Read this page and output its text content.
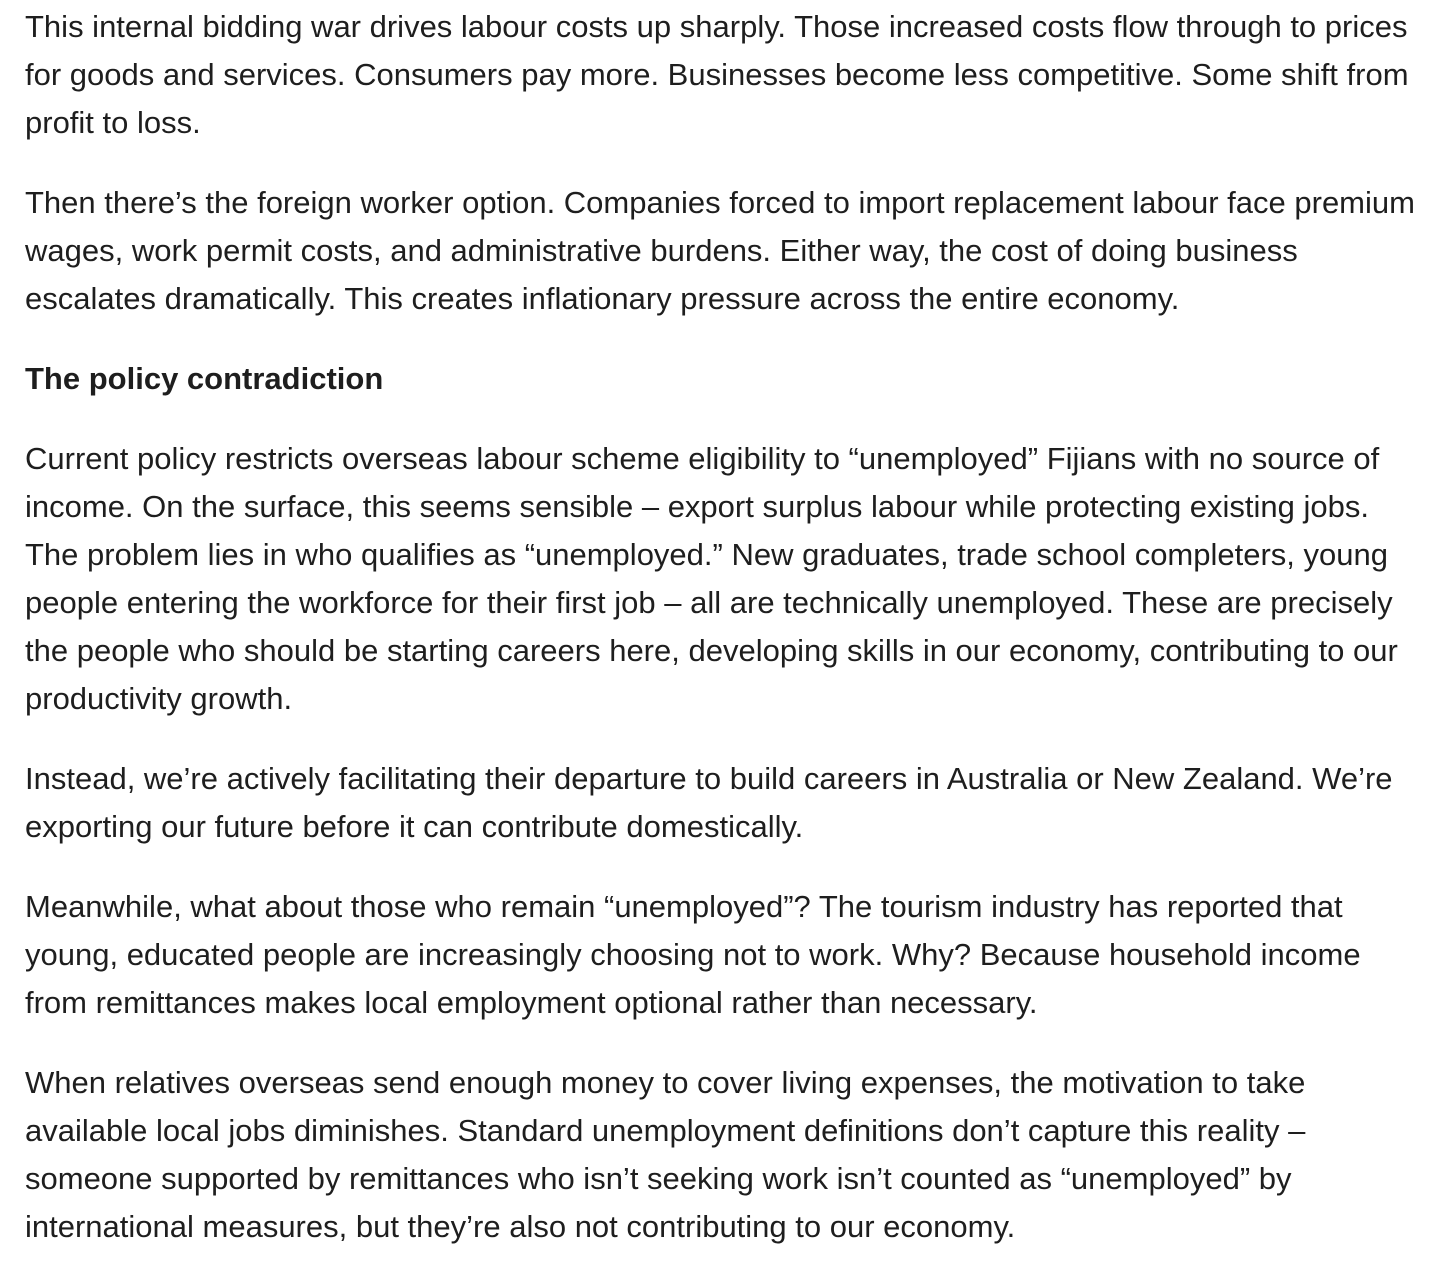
This internal bidding war drives labour costs up sharply. Those increased costs flow through to prices for goods and services. Consumers pay more. Businesses become less competitive. Some shift from profit to loss.

Then there’s the foreign worker option. Companies forced to import replacement labour face premium wages, work permit costs, and administrative burdens. Either way, the cost of doing business escalates dramatically. This creates inflationary pressure across the entire economy.

The policy contradiction

Current policy restricts overseas labour scheme eligibility to “unemployed” Fijians with no source of income. On the surface, this seems sensible – export surplus labour while protecting existing jobs. The problem lies in who qualifies as “unemployed.” New graduates, trade school completers, young people entering the workforce for their first job – all are technically unemployed. These are precisely the people who should be starting careers here, developing skills in our economy, contributing to our productivity growth.

Instead, we’re actively facilitating their departure to build careers in Australia or New Zealand. We’re exporting our future before it can contribute domestically.

Meanwhile, what about those who remain “unemployed”? The tourism industry has reported that young, educated people are increasingly choosing not to work. Why? Because household income from remittances makes local employment optional rather than necessary.

When relatives overseas send enough money to cover living expenses, the motivation to take available local jobs diminishes. Standard unemployment definitions don’t capture this reality – someone supported by remittances who isn’t seeking work isn’t counted as “unemployed” by international measures, but they’re also not contributing to our economy.
